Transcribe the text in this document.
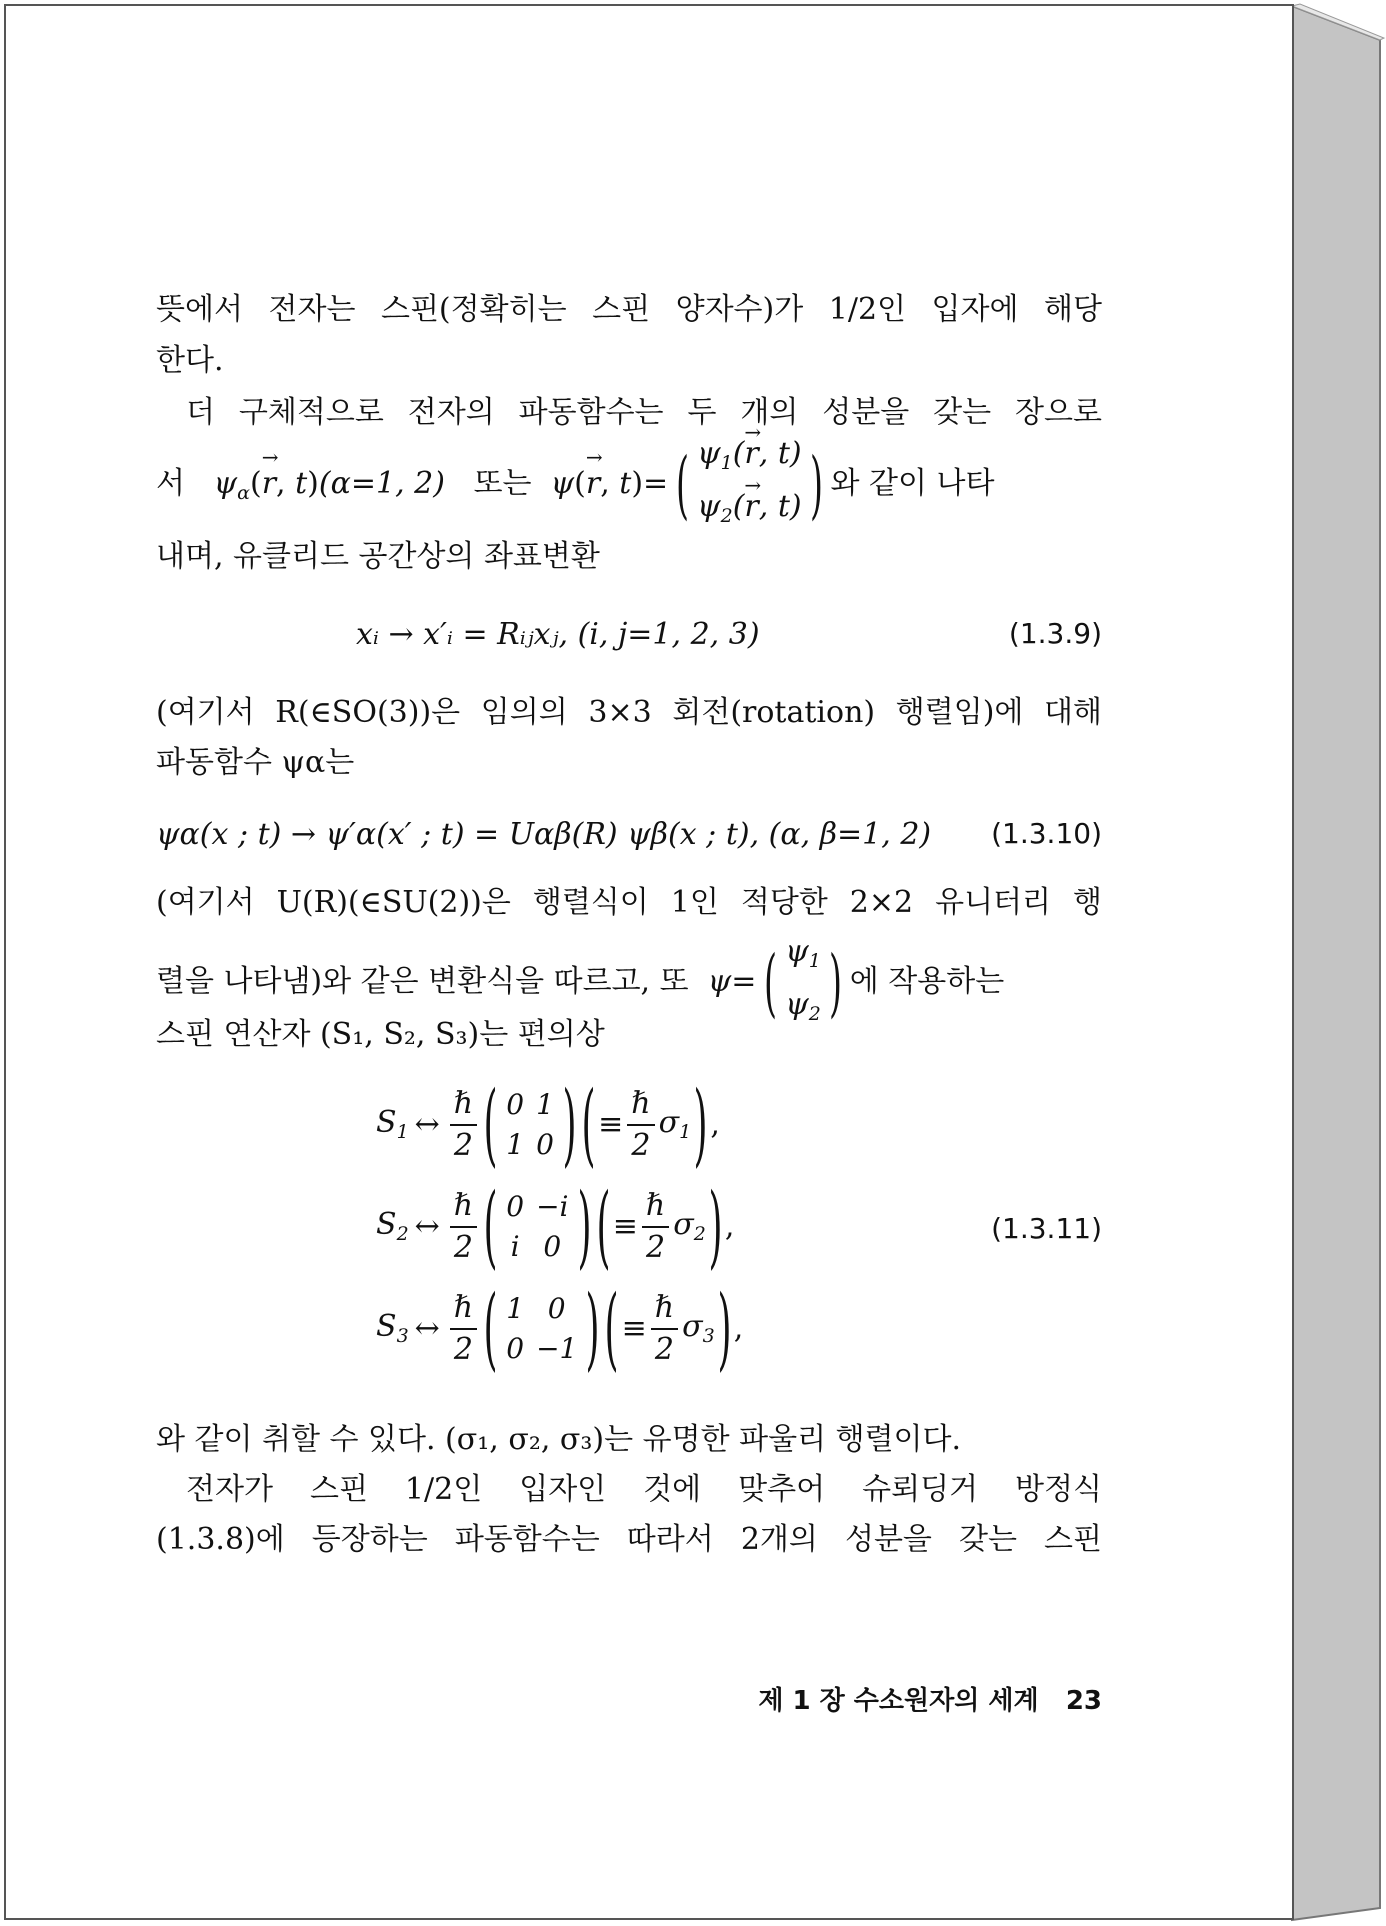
뜻에서 전자는 스핀(정확히는 스핀 양자수)가 1/2인 입자에 해당
한다.
더 구체적으로 전자의 파동함수는 두 개의 성분을 갖는 장으로
서 $\psi_\alpha(\to r$, t)(α=1, 2) 또는 ψ(→ r, t)= ( $\psi_1(\to r$, t)
$\psi_2(\to r$, t) ) 와 같이 나타
내며, 유클리드 공간상의 좌표변환
xᵢ → x′ᵢ = Rᵢⱼxⱼ, (i, j=1, 2, 3)	(1.3.9)
(여기서 R(∈SO(3))은 임의의 3×3 회전(rotation) 행렬임)에 대해
파동함수 ψα는
ψα(x ; t) → ψ′α(x′ ; t) = Uαβ(R) ψβ(x ; t), (α, β=1, 2) (1.3.10)
(여기서 U(R)(∈SU(2))은 행렬식이 1인 적당한 2×2 유니터리 행
렬을 나타냄)와 같은 변환식을 따르고, 또 ψ= ( $\psi_1$
$\psi_2$ ) 에 작용하는
스핀 연산자 (S₁, S₂, S₃)는 편의상
$S_1$ ↔ $\frac{\text{ℏ}}{2}$ ( 0	1
1	0 )(≡ $\frac{\text{ℏ}}{2} \sigma_1$),
$S_2$ ↔ $\frac{\text{ℏ}}{2}$ ( 0	−i
i	0 )(≡ $\frac{\text{ℏ}}{2} \sigma_2$),
$S_3$ ↔ $\frac{\text{ℏ}}{2}$ ( 1	0
0	−1 )(≡ $\frac{\text{ℏ}}{2} \sigma_3$),
(1.3.11)
와 같이 취할 수 있다. (σ₁, σ₂, σ₃)는 유명한 파울리 행렬이다.
전자가 스핀 1/2인 입자인 것에 맞추어 슈뢰딩거 방정식
(1.3.8)에 등장하는 파동함수는 따라서 2개의 성분을 갖는 스핀
제 1 장 수소원자의 세계 23
